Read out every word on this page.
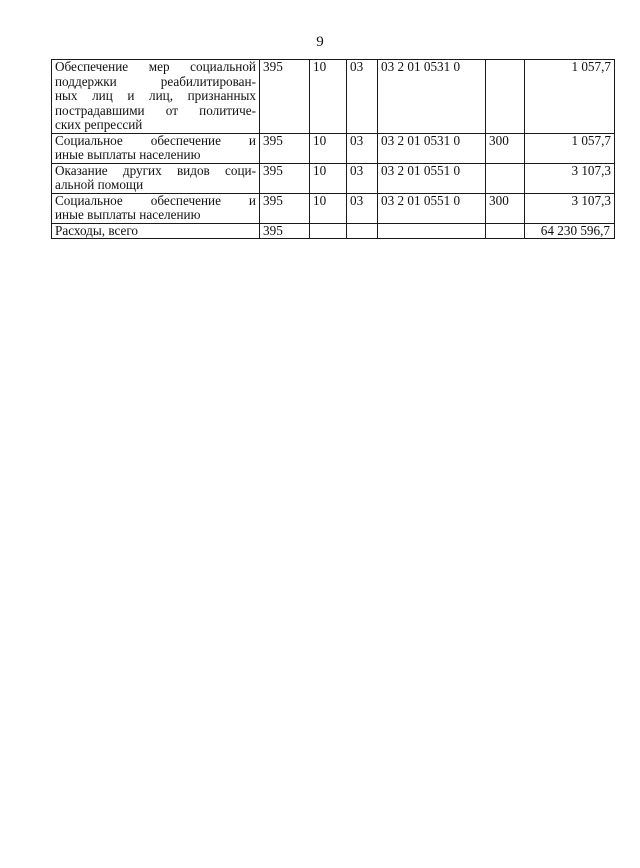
9
Обеспечение мер социальной
поддержки реабилитирован-
ных лиц и лиц, признанных
пострадавшими от политиче-
ских репрессий	395	10	03	03 2 01 0531 0		1 057,7

Социальное обеспечение и
иные выплаты населению	395	10	03	03 2 01 0531 0	300	1 057,7

Оказание других видов соци-
альной помощи	395	10	03	03 2 01 0551 0		3 107,3

Социальное обеспечение и
иные выплаты населению	395	10	03	03 2 01 0551 0	300	3 107,3
Расходы, всего	395					64 230 596,7
